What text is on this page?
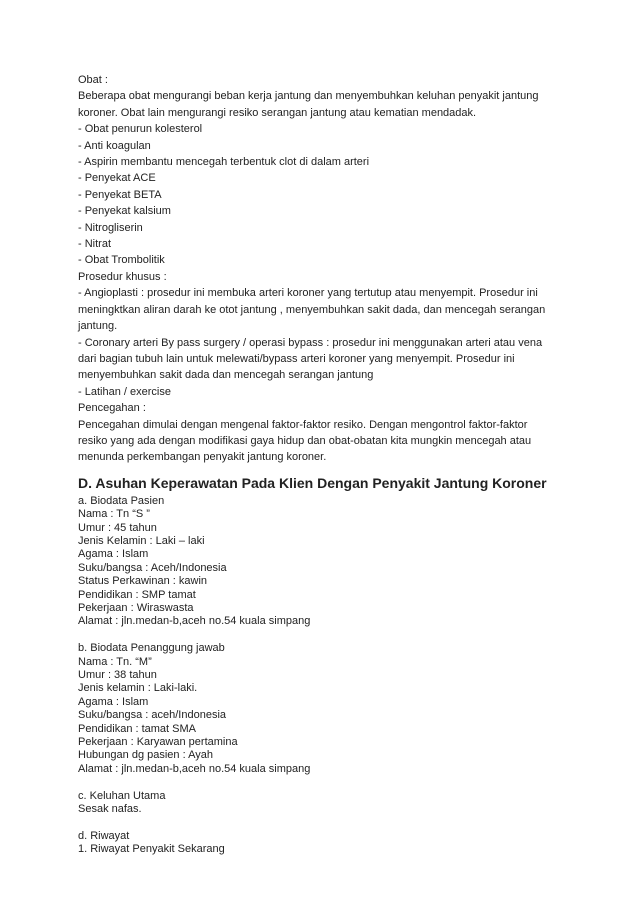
Obat :
Beberapa obat mengurangi beban kerja jantung dan menyembuhkan keluhan penyakit jantung
koroner. Obat lain mengurangi resiko serangan jantung atau kematian mendadak.
- Obat penurun kolesterol
- Anti koagulan
- Aspirin membantu mencegah terbentuk clot di dalam arteri
- Penyekat ACE
- Penyekat BETA
- Penyekat kalsium
- Nitrogliserin
- Nitrat
- Obat Trombolitik
Prosedur khusus :
- Angioplasti : prosedur ini membuka arteri koroner yang tertutup atau menyempit. Prosedur ini
meningktkan aliran darah ke otot jantung , menyembuhkan sakit dada, dan mencegah serangan
jantung.
- Coronary arteri By pass surgery / operasi bypass : prosedur ini menggunakan arteri atau vena
dari bagian tubuh lain untuk melewati/bypass arteri koroner yang menyempit. Prosedur ini
menyembuhkan sakit dada dan mencegah serangan jantung
- Latihan / exercise
Pencegahan :
Pencegahan dimulai dengan mengenal faktor-faktor resiko. Dengan mengontrol faktor-faktor
resiko yang ada dengan modifikasi gaya hidup dan obat-obatan kita mungkin mencegah atau
menunda perkembangan penyakit jantung koroner.
D. Asuhan Keperawatan Pada Klien Dengan Penyakit Jantung Koroner
a. Biodata Pasien
Nama : Tn “S ”
Umur : 45 tahun
Jenis Kelamin : Laki – laki
Agama : Islam
Suku/bangsa : Aceh/Indonesia
Status Perkawinan : kawin
Pendidikan : SMP tamat
Pekerjaan : Wiraswasta
Alamat : jln.medan-b,aceh no.54 kuala simpang
b. Biodata Penanggung jawab
Nama : Tn. “M”
Umur : 38 tahun
Jenis kelamin : Laki-laki.
Agama : Islam
Suku/bangsa : aceh/Indonesia
Pendidikan : tamat SMA
Pekerjaan : Karyawan pertamina
Hubungan dg pasien : Ayah
Alamat : jln.medan-b,aceh no.54 kuala simpang
c. Keluhan Utama
Sesak nafas.
d. Riwayat
1. Riwayat Penyakit Sekarang
